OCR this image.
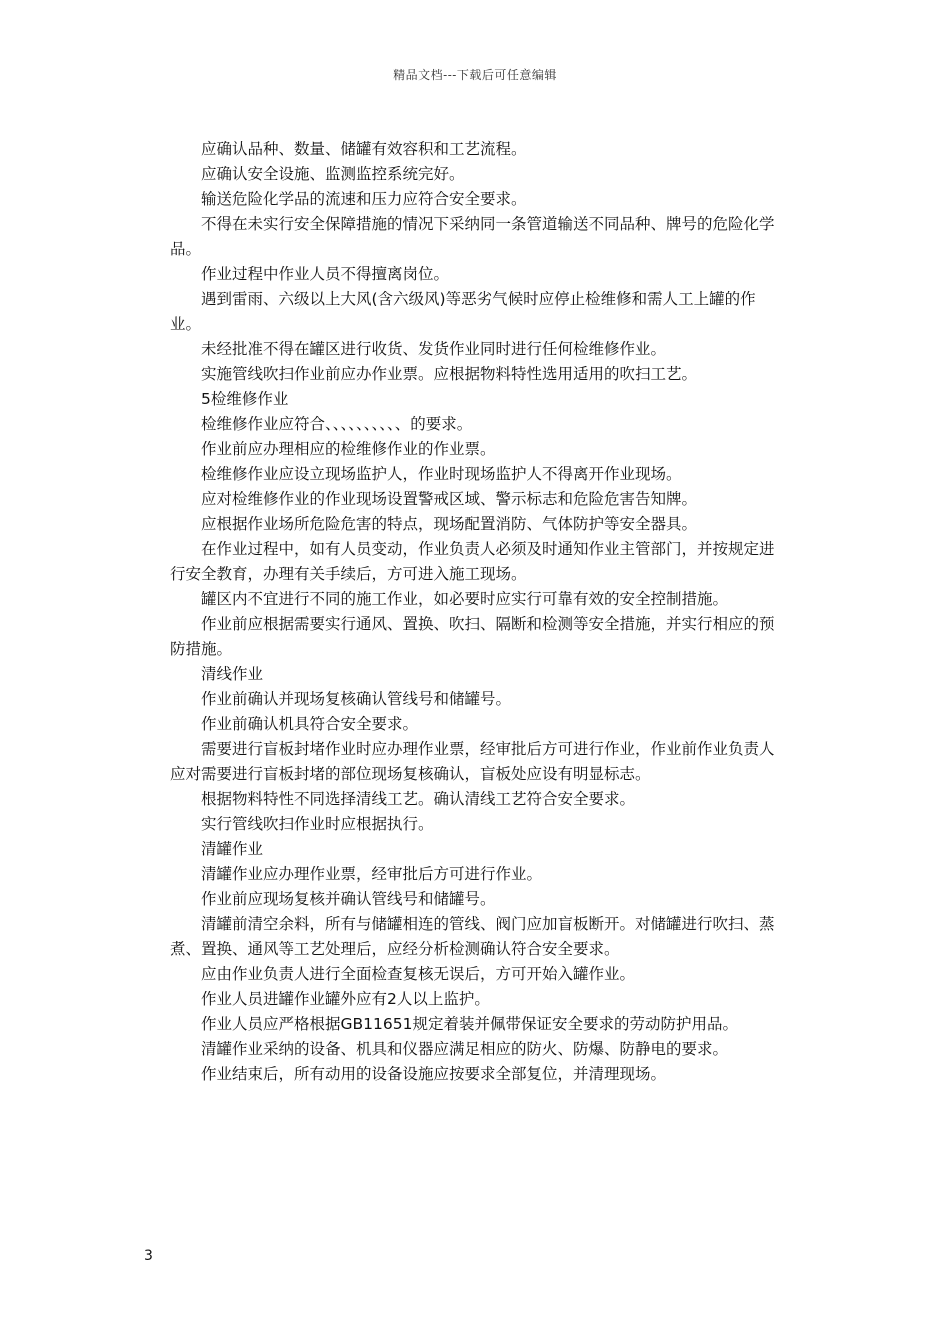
精品文档---下载后可任意编辑

应确认品种、数量、储罐有效容积和工艺流程。

应确认安全设施、监测监控系统完好。

输送危险化学品的流速和压力应符合安全要求。

不得在未实行安全保障措施的情况下采纳同一条管道输送不同品种、牌号的危险化学品。

作业过程中作业人员不得擅离岗位。

遇到雷雨、六级以上大风(含六级风)等恶劣气候时应停止检维修和需人工上罐的作业。

未经批准不得在罐区进行收货、发货作业同时进行任何检维修作业。

实施管线吹扫作业前应办作业票。应根据物料特性选用适用的吹扫工艺。

5检维修作业

检维修作业应符合、、、、、、、、、、的要求。

作业前应办理相应的检维修作业的作业票。

检维修作业应设立现场监护人，作业时现场监护人不得离开作业现场。

应对检维修作业的作业现场设置警戒区域、警示标志和危险危害告知牌。

应根据作业场所危险危害的特点，现场配置消防、气体防护等安全器具。

在作业过程中，如有人员变动，作业负责人必须及时通知作业主管部门，并按规定进行安全教育，办理有关手续后，方可进入施工现场。

罐区内不宜进行不同的施工作业，如必要时应实行可靠有效的安全控制措施。

作业前应根据需要实行通风、置换、吹扫、隔断和检测等安全措施，并实行相应的预防措施。

清线作业

作业前确认并现场复核确认管线号和储罐号。

作业前确认机具符合安全要求。

需要进行盲板封堵作业时应办理作业票，经审批后方可进行作业，作业前作业负责人应对需要进行盲板封堵的部位现场复核确认，盲板处应设有明显标志。

根据物料特性不同选择清线工艺。确认清线工艺符合安全要求。

实行管线吹扫作业时应根据执行。

清罐作业

清罐作业应办理作业票，经审批后方可进行作业。

作业前应现场复核并确认管线号和储罐号。

清罐前清空余料，所有与储罐相连的管线、阀门应加盲板断开。对储罐进行吹扫、蒸煮、置换、通风等工艺处理后，应经分析检测确认符合安全要求。

应由作业负责人进行全面检查复核无误后，方可开始入罐作业。

作业人员进罐作业罐外应有2人以上监护。

作业人员应严格根据GB11651规定着装并佩带保证安全要求的劳动防护用品。

清罐作业采纳的设备、机具和仪器应满足相应的防火、防爆、防静电的要求。

作业结束后，所有动用的设备设施应按要求全部复位，并清理现场。

3
